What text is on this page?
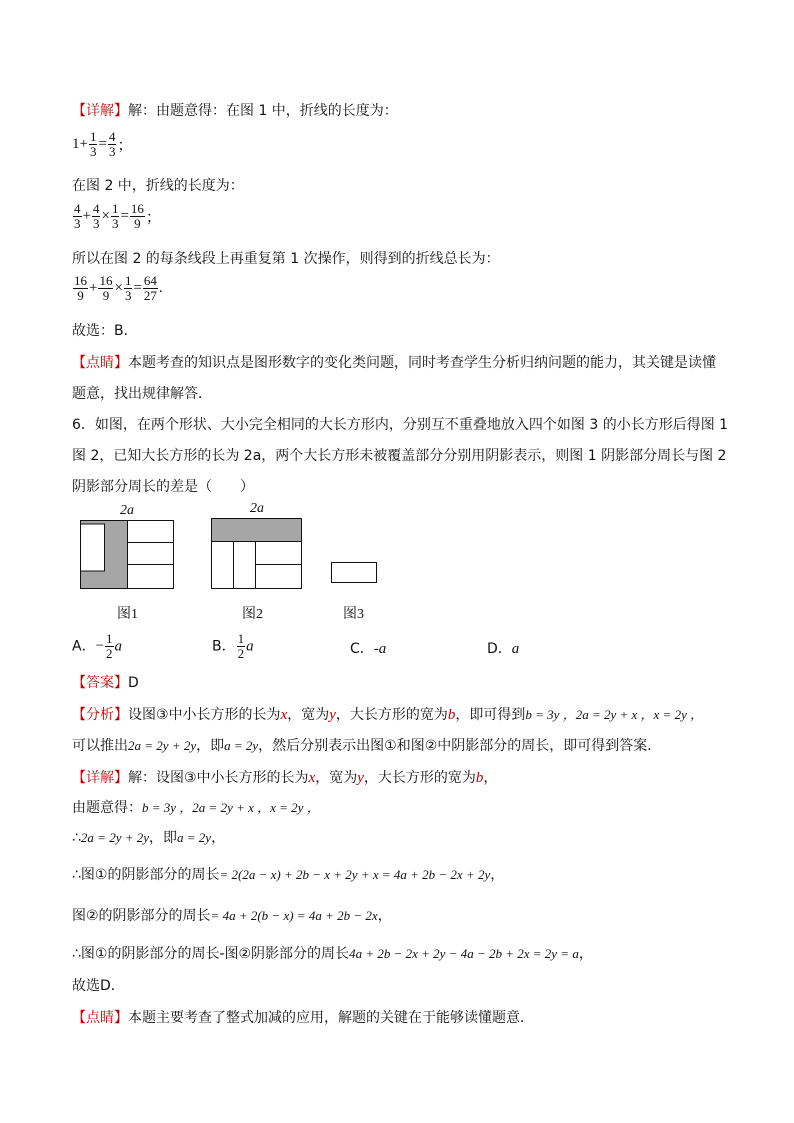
【详解】解：由题意得：在图 1 中，折线的长度为：
$1+ \frac{1}{3} = \frac{4}{3}$ ；
在图 2 中，折线的长度为：
$\frac{4}{3} + \frac{4}{3} \times \frac{1}{3} = \frac{16}{9}$ ；
所以在图 2 的每条线段上再重复第 1 次操作，则得到的折线总长为：
$\frac{16}{9} + \frac{16}{9} \times \frac{1}{3} = \frac{64}{27}$ .
故选：B．
【点睛】本题考查的知识点是图形数字的变化类问题，同时考查学生分析归纳问题的能力，其关键是读懂
题意，找出规律解答．
6．如图，在两个形状、大小完全相同的大长方形内，分别互不重叠地放入四个如图 3 的小长方形后得图 1
图 2，已知大长方形的长为 2a，两个大长方形未被覆盖部分分别用阴影表示，则图 1 阴影部分周长与图 2
阴影部分周长的差是（　　）
2a
图1
2a
图2	图3
A．− $\frac{1}{2}$ a	B． $\frac{1}{2}$ a	C．-a	D．a
【答案】D
【分析】设图③中小长方形的长为x，宽为y，大长方形的宽为b，即可得到b = 3y ，2a = 2y + x ，x = 2y ，
可以推出2a = 2y + 2y，即a = 2y，然后分别表示出图①和图②中阴影部分的周长，即可得到答案．
【详解】解：设图③中小长方形的长为x，宽为y，大长方形的宽为b，
由题意得：b = 3y ，2a = 2y + x ，x = 2y ，
∴2a = 2y + 2y，即a = 2y，
∴图①的阴影部分的周长= 2(2a − x) + 2b − x + 2y + x = 4a + 2b − 2x + 2y，
图②的阴影部分的周长= 4a + 2(b − x) = 4a + 2b − 2x，
∴图①的阴影部分的周长-图②阴影部分的周长4a + 2b − 2x + 2y − 4a − 2b + 2x = 2y = a，
故选D．
【点睛】本题主要考查了整式加减的应用，解题的关键在于能够读懂题意．
